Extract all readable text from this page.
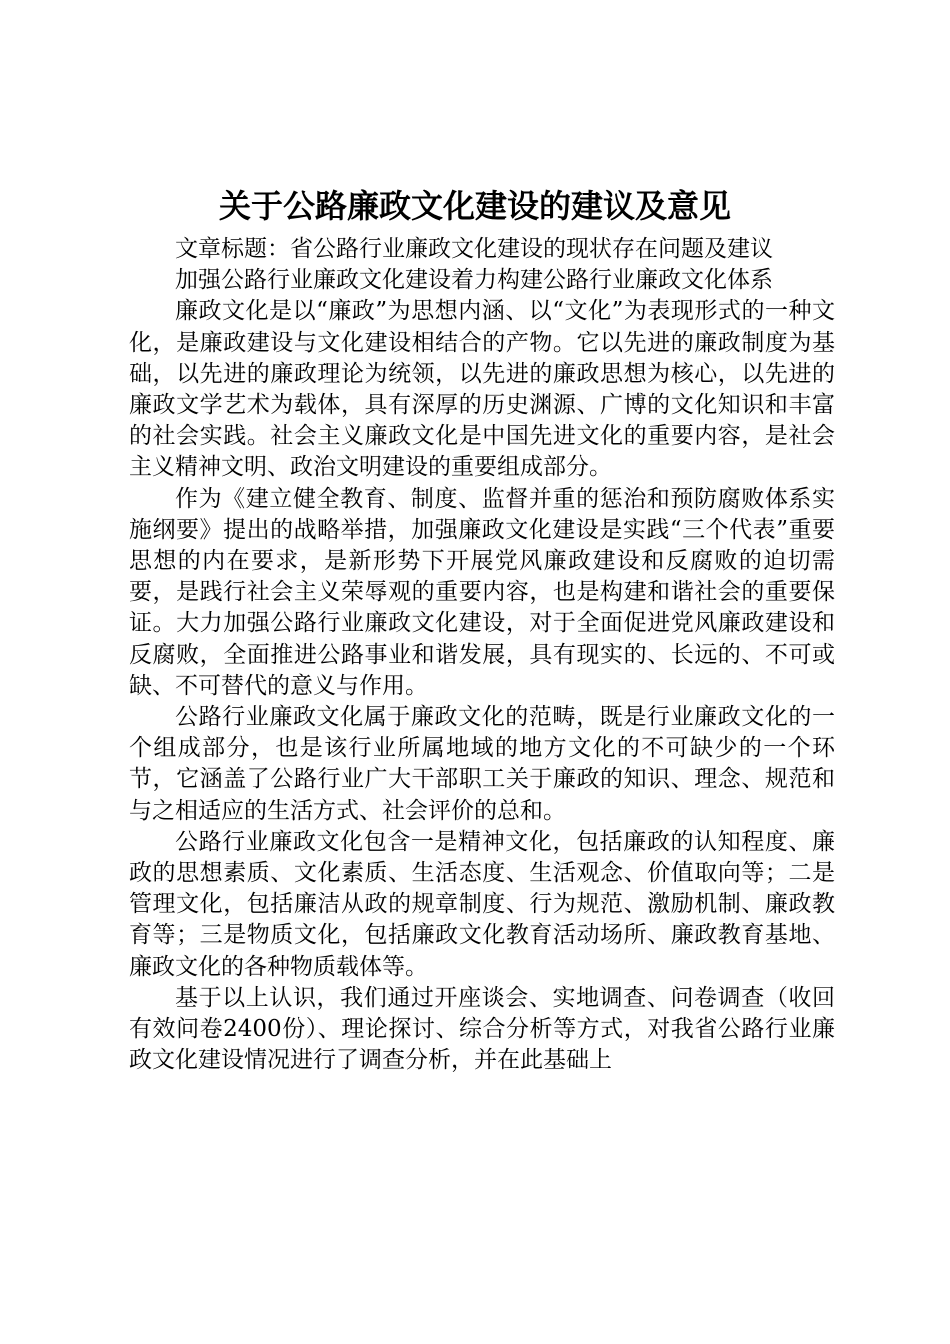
关于公路廉政文化建设的建议及意见

文章标题：省公路行业廉政文化建设的现状存在问题及建议

加强公路行业廉政文化建设着力构建公路行业廉政文化体系

廉政文化是以“廉政”为思想内涵、以“文化”为表现形式的一种文化，是廉政建设与文化建设相结合的产物。它以先进的廉政制度为基础，以先进的廉政理论为统领，以先进的廉政思想为核心，以先进的廉政文学艺术为载体，具有深厚的历史渊源、广博的文化知识和丰富的社会实践。社会主义廉政文化是中国先进文化的重要内容，是社会主义精神文明、政治文明建设的重要组成部分。

作为《建立健全教育、制度、监督并重的惩治和预防腐败体系实施纲要》提出的战略举措，加强廉政文化建设是实践“三个代表”重要思想的内在要求，是新形势下开展党风廉政建设和反腐败的迫切需要，是践行社会主义荣辱观的重要内容，也是构建和谐社会的重要保证。大力加强公路行业廉政文化建设，对于全面促进党风廉政建设和反腐败，全面推进公路事业和谐发展，具有现实的、长远的、不可或缺、不可替代的意义与作用。

公路行业廉政文化属于廉政文化的范畴，既是行业廉政文化的一个组成部分，也是该行业所属地域的地方文化的不可缺少的一个环节，它涵盖了公路行业广大干部职工关于廉政的知识、理念、规范和与之相适应的生活方式、社会评价的总和。

公路行业廉政文化包含一是精神文化，包括廉政的认知程度、廉政的思想素质、文化素质、生活态度、生活观念、价值取向等；二是管理文化，包括廉洁从政的规章制度、行为规范、激励机制、廉政教育等；三是物质文化，包括廉政文化教育活动场所、廉政教育基地、廉政文化的各种物质载体等。

基于以上认识，我们通过开座谈会、实地调查、问卷调查（收回有效问卷2400份）、理论探讨、综合分析等方式，对我省公路行业廉政文化建设情况进行了调查分析，并在此基础上
